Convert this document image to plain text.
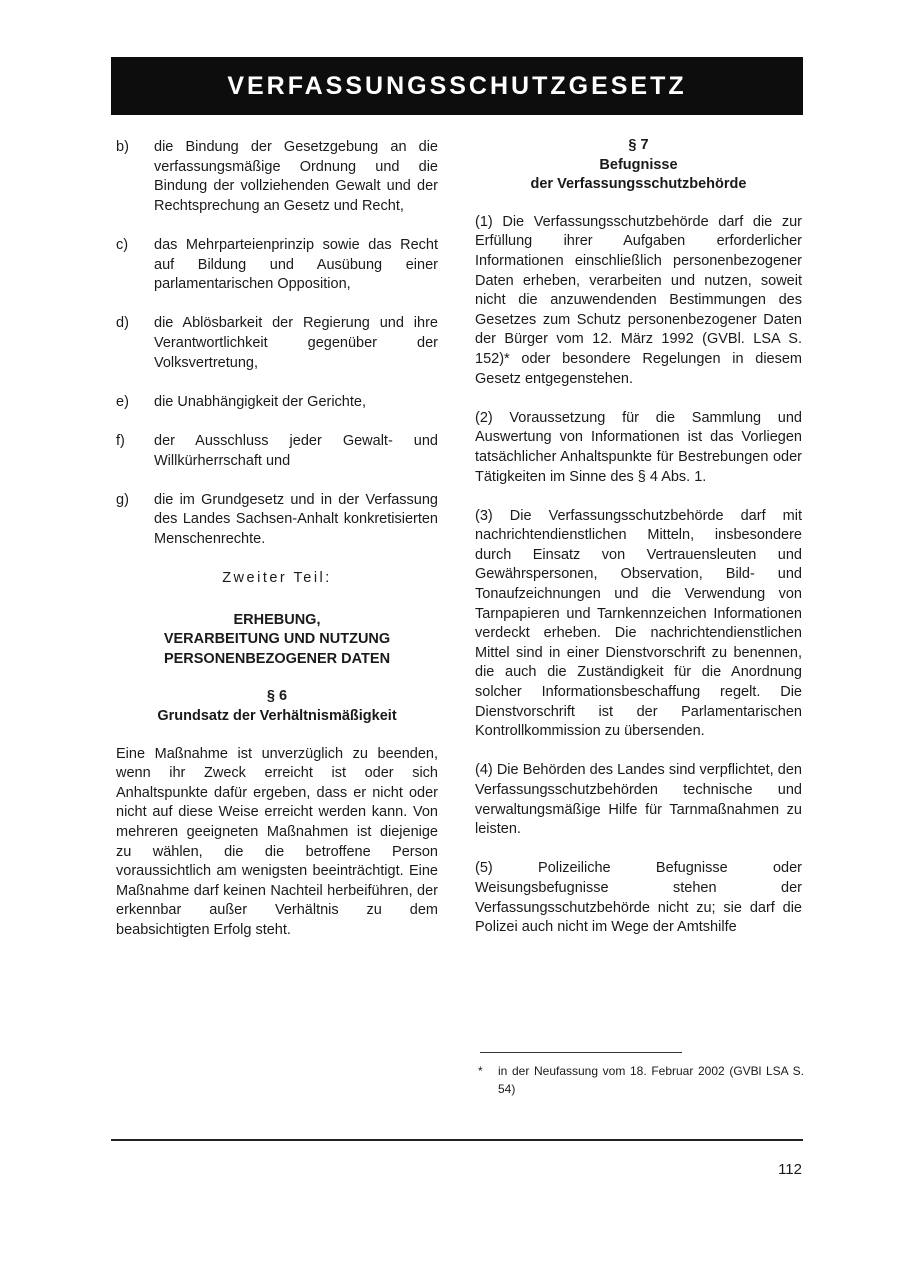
VERFASSUNGSSCHUTZGESETZ
b)	die Bindung der Gesetzgebung an die verfassungsmäßige Ordnung und die Bindung der vollziehenden Gewalt und der Rechtsprechung an Gesetz und Recht,
c)	das Mehrparteienprinzip sowie das Recht auf Bildung und Ausübung einer parlamentarischen Opposition,
d)	die Ablösbarkeit der Regierung und ihre Verantwortlichkeit gegenüber der Volksvertretung,
e)	die Unabhängigkeit der Gerichte,
f)	der Ausschluss jeder Gewalt- und Willkürherrschaft und
g)	die im Grundgesetz und in der Verfassung des Landes Sachsen-Anhalt konkretisierten Menschenrechte.
Zweiter Teil:
ERHEBUNG,
VERARBEITUNG UND NUTZUNG
PERSONENBEZOGENER DATEN
§ 6
Grundsatz der Verhältnismäßigkeit

Eine Maßnahme ist unverzüglich zu beenden, wenn ihr Zweck erreicht ist oder sich Anhaltspunkte dafür ergeben, dass er nicht oder nicht auf diese Weise erreicht werden kann. Von mehreren geeigneten Maßnahmen ist diejenige zu wählen, die die betroffene Person voraussichtlich am wenigsten beeinträchtigt. Eine Maßnahme darf keinen Nachteil herbeiführen, der erkennbar außer Verhältnis zu dem beabsichtigten Erfolg steht.

§ 7
Befugnisse
der Verfassungsschutzbehörde

(1) Die Verfassungsschutzbehörde darf die zur Erfüllung ihrer Aufgaben erforderlicher Informationen einschließlich personenbezogener Daten erheben, verarbeiten und nutzen, soweit nicht die anzuwendenden Bestimmungen des Gesetzes zum Schutz personenbezogener Daten der Bürger vom 12. März 1992 (GVBl. LSA S. 152)* oder besondere Regelungen in diesem Gesetz entgegenstehen.

(2) Voraussetzung für die Sammlung und Auswertung von Informationen ist das Vorliegen tatsächlicher Anhaltspunkte für Bestrebungen oder Tätigkeiten im Sinne des § 4 Abs. 1.

(3) Die Verfassungsschutzbehörde darf mit nachrichtendienstlichen Mitteln, insbesondere durch Einsatz von Vertrauensleuten und Gewährspersonen, Observation, Bild- und Tonaufzeichnungen und die Verwendung von Tarnpapieren und Tarnkennzeichen Informationen verdeckt erheben. Die nachrichtendienstlichen Mittel sind in einer Dienstvorschrift zu benennen, die auch die Zuständigkeit für die Anordnung solcher Informationsbeschaffung regelt. Die Dienstvorschrift ist der Parlamentarischen Kontrollkommission zu übersenden.

(4) Die Behörden des Landes sind verpflichtet, den Verfassungsschutzbehörden technische und verwaltungsmäßige Hilfe für Tarnmaßnahmen zu leisten.

(5) Polizeiliche Befugnisse oder Weisungsbefugnisse stehen der Verfassungsschutzbehörde nicht zu; sie darf die Polizei auch nicht im Wege der Amtshilfe

*	in der Neufassung vom 18. Februar 2002 (GVBl LSA S. 54)
112
